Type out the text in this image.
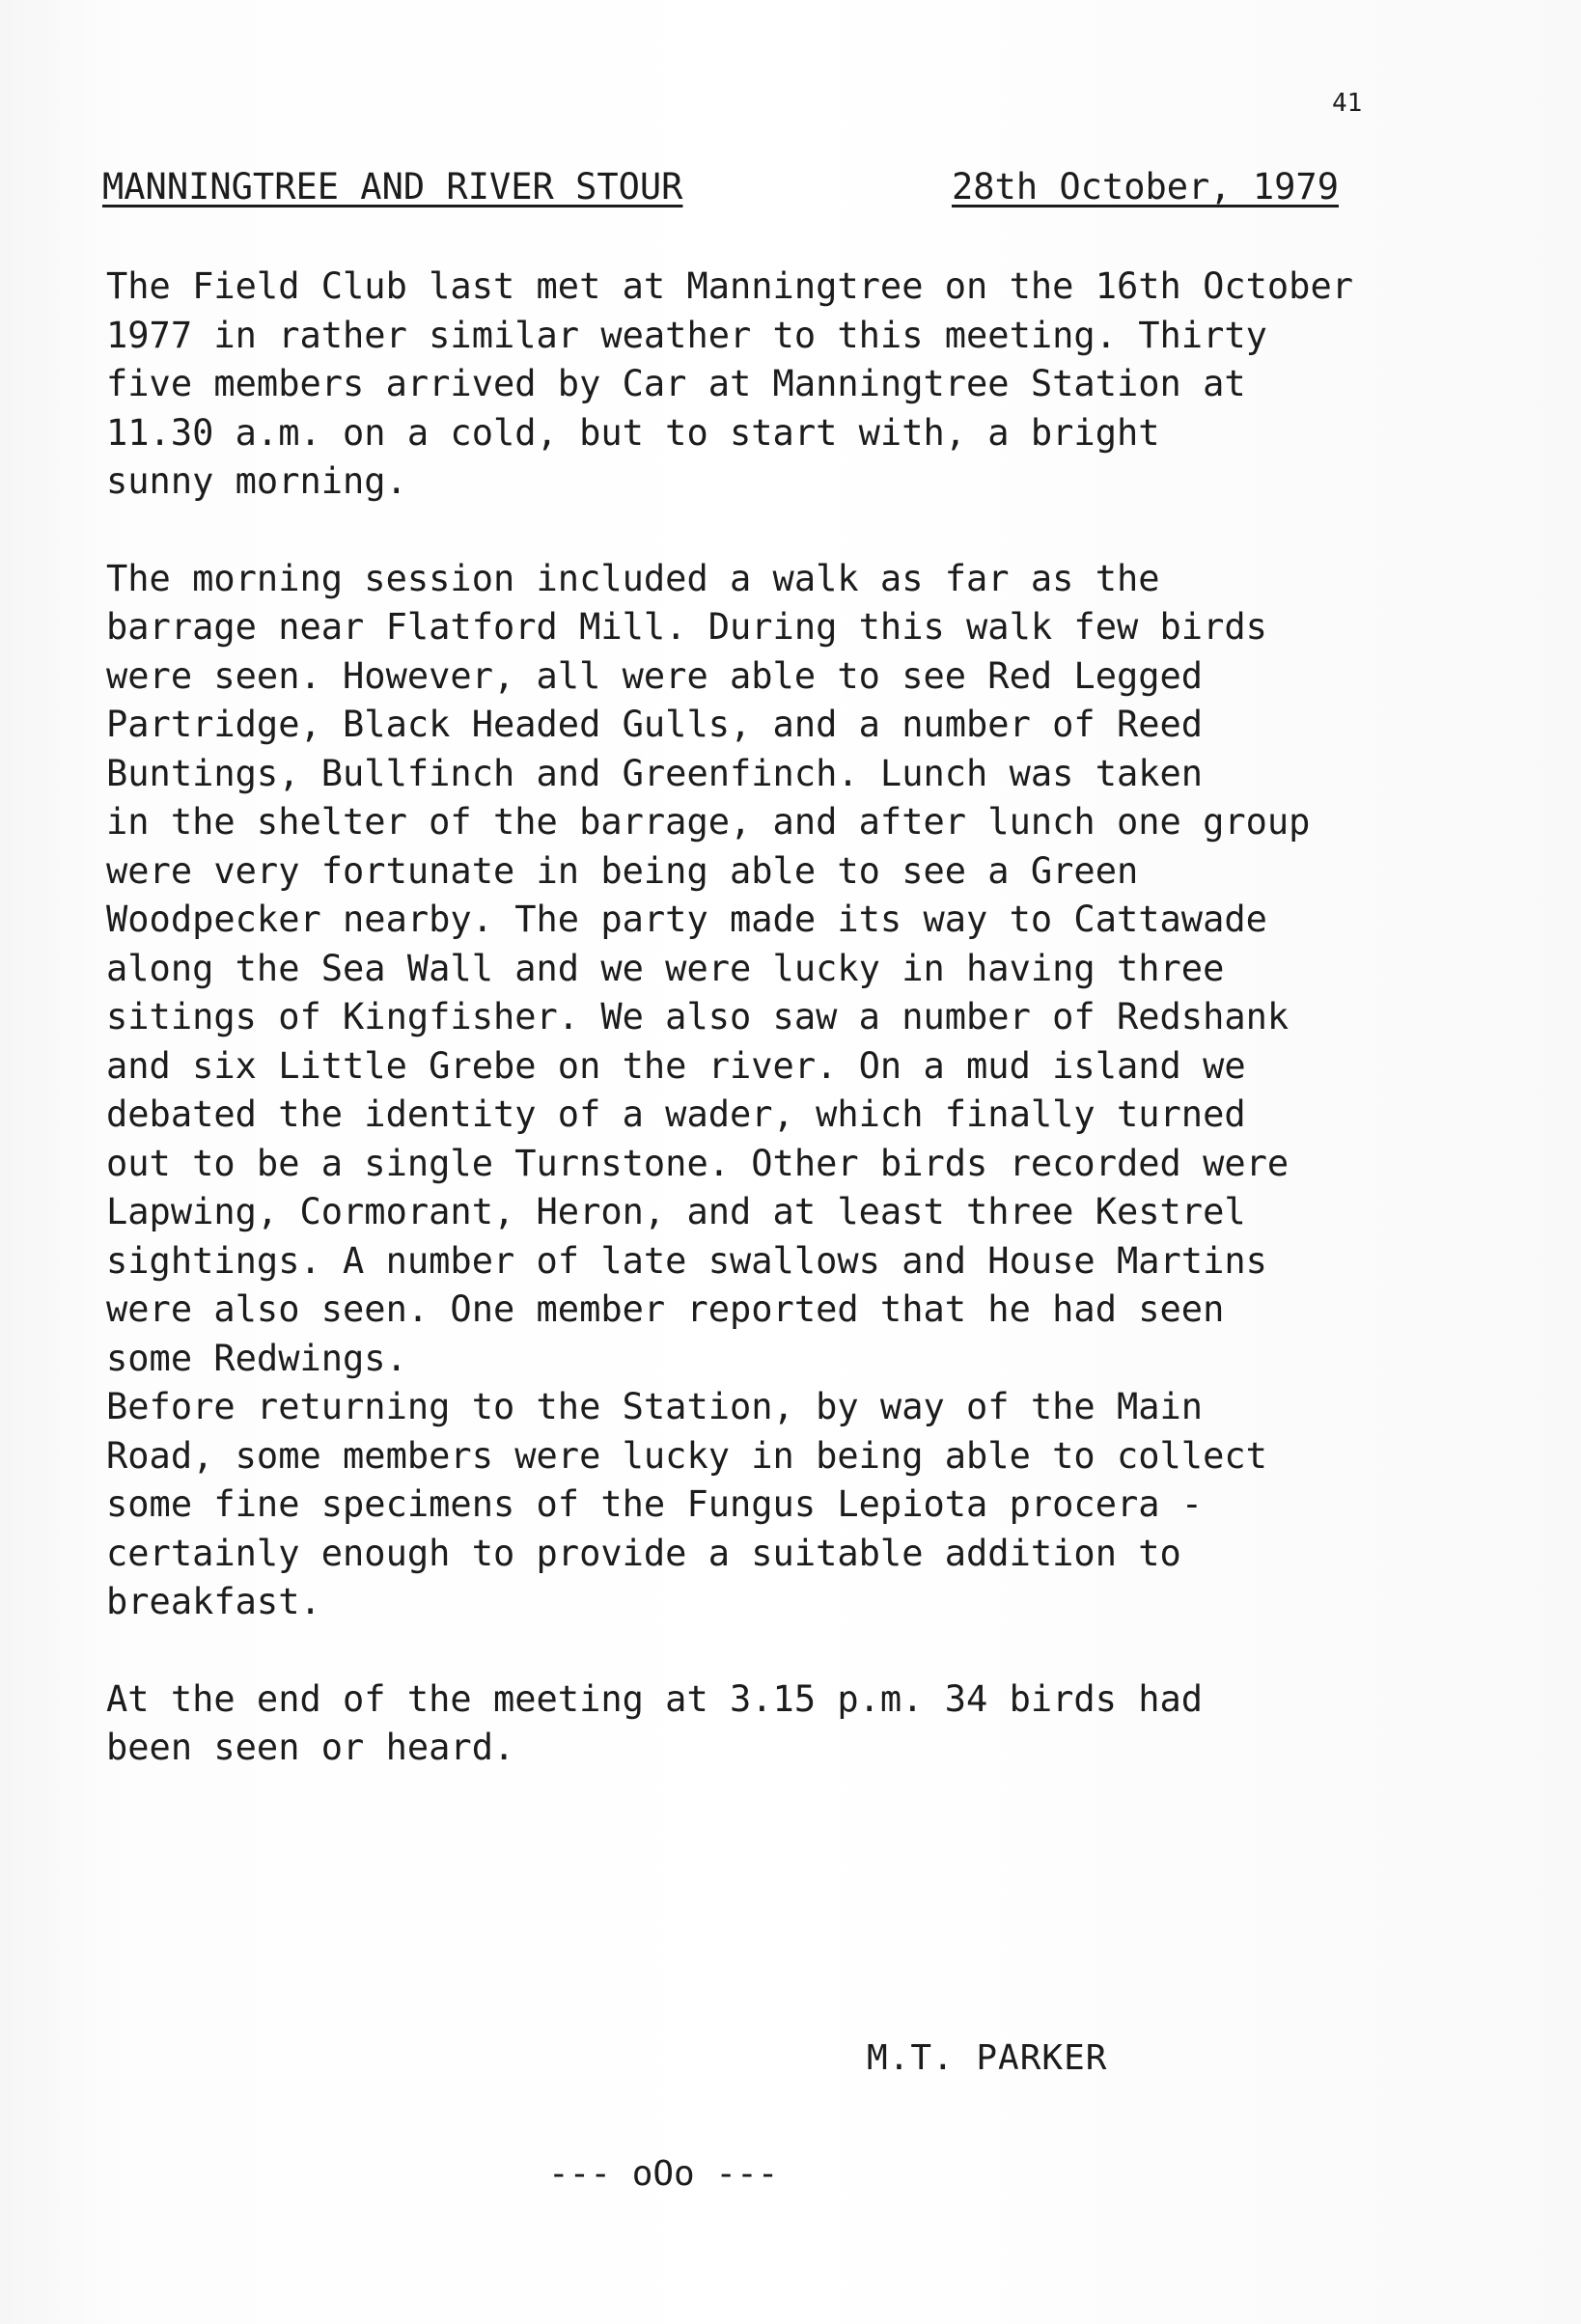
41
MANNINGTREE AND RIVER STOUR	28th October, 1979

The Field Club last met at Manningtree on the 16th October
1977 in rather similar weather to this meeting. Thirty
five members arrived by Car at Manningtree Station at
11.30 a.m. on a cold, but to start with, a bright
sunny morning.

The morning session included a walk as far as the
barrage near Flatford Mill. During this walk few birds
were seen. However, all were able to see Red Legged
Partridge, Black Headed Gulls, and a number of Reed
Buntings, Bullfinch and Greenfinch. Lunch was taken
in the shelter of the barrage, and after lunch one group
were very fortunate in being able to see a Green
Woodpecker nearby. The party made its way to Cattawade
along the Sea Wall and we were lucky in having three
sitings of Kingfisher. We also saw a number of Redshank
and six Little Grebe on the river. On a mud island we
debated the identity of a wader, which finally turned
out to be a single Turnstone. Other birds recorded were
Lapwing, Cormorant, Heron, and at least three Kestrel
sightings. A number of late swallows and House Martins
were also seen. One member reported that he had seen
some Redwings.

Before returning to the Station, by way of the Main
Road, some members were lucky in being able to collect
some fine specimens of the Fungus Lepiota procera -
certainly enough to provide a suitable addition to
breakfast.

At the end of the meeting at 3.15 p.m. 34 birds had
been seen or heard.

M.T. PARKER
--- oOo ---
